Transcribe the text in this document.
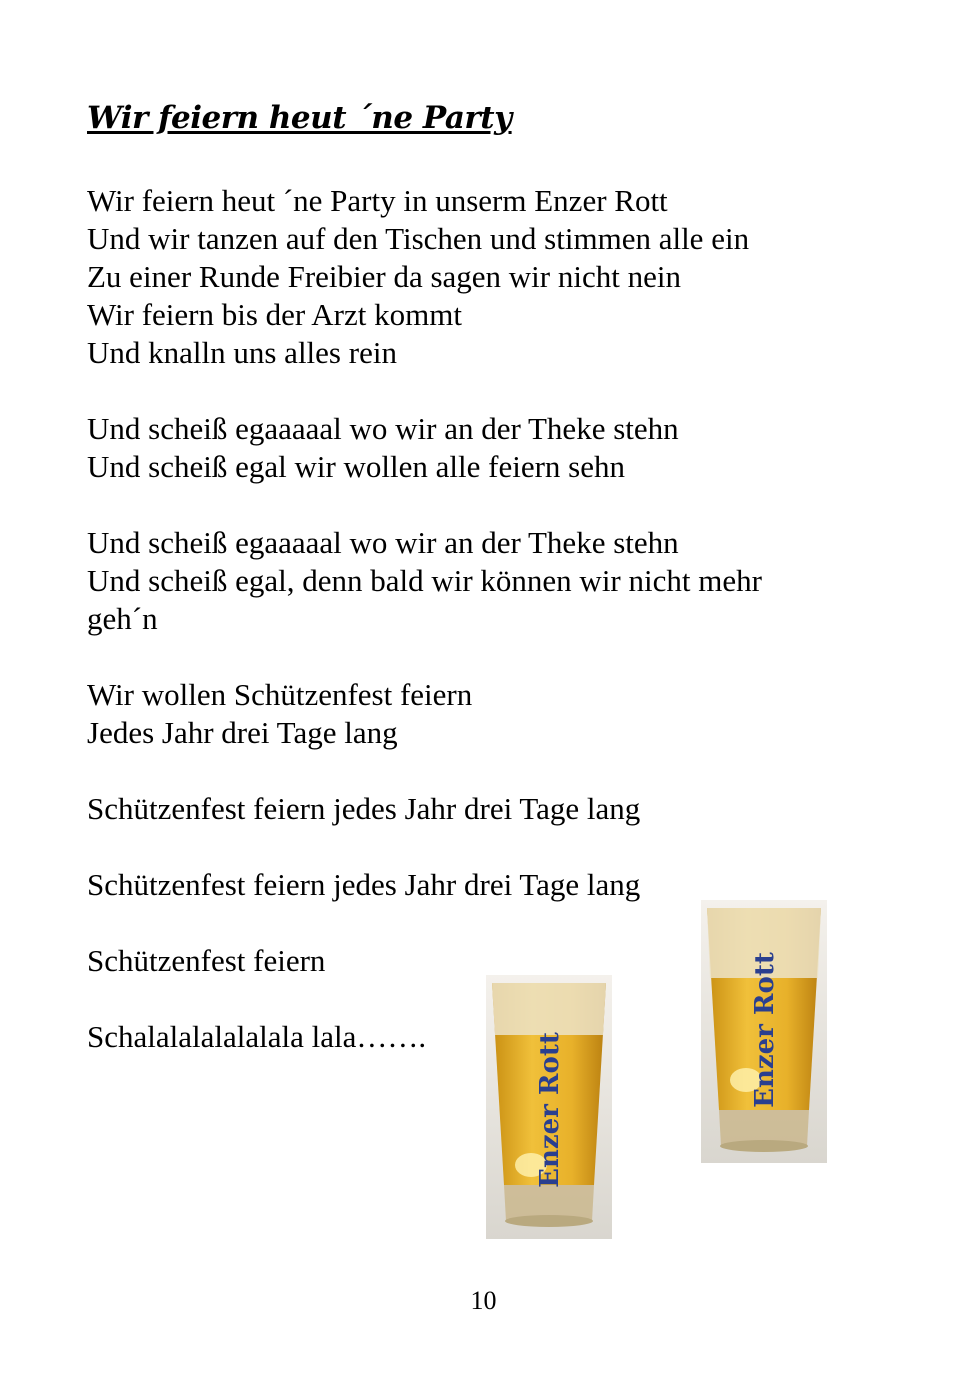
Wir feiern heut ´ne Party
Wir feiern heut ´ne Party in unserm Enzer Rott
Und wir tanzen auf den Tischen und stimmen alle ein
Zu einer Runde Freibier da sagen wir nicht nein
Wir feiern bis der Arzt kommt
Und knalln uns alles rein
Und scheiß egaaaaal wo wir an der Theke stehn
Und scheiß egal wir wollen alle feiern sehn
Und scheiß egaaaaal wo wir an der Theke stehn
Und scheiß egal, denn bald wir können wir nicht mehr
geh´n
Wir wollen Schützenfest feiern
Jedes Jahr drei Tage lang
Schützenfest feiern jedes Jahr drei Tage lang
Schützenfest feiern jedes Jahr drei Tage lang
Schützenfest feiern
Schalalalalalalala lala…….	Enzer Rott
Enzer Rott
10
